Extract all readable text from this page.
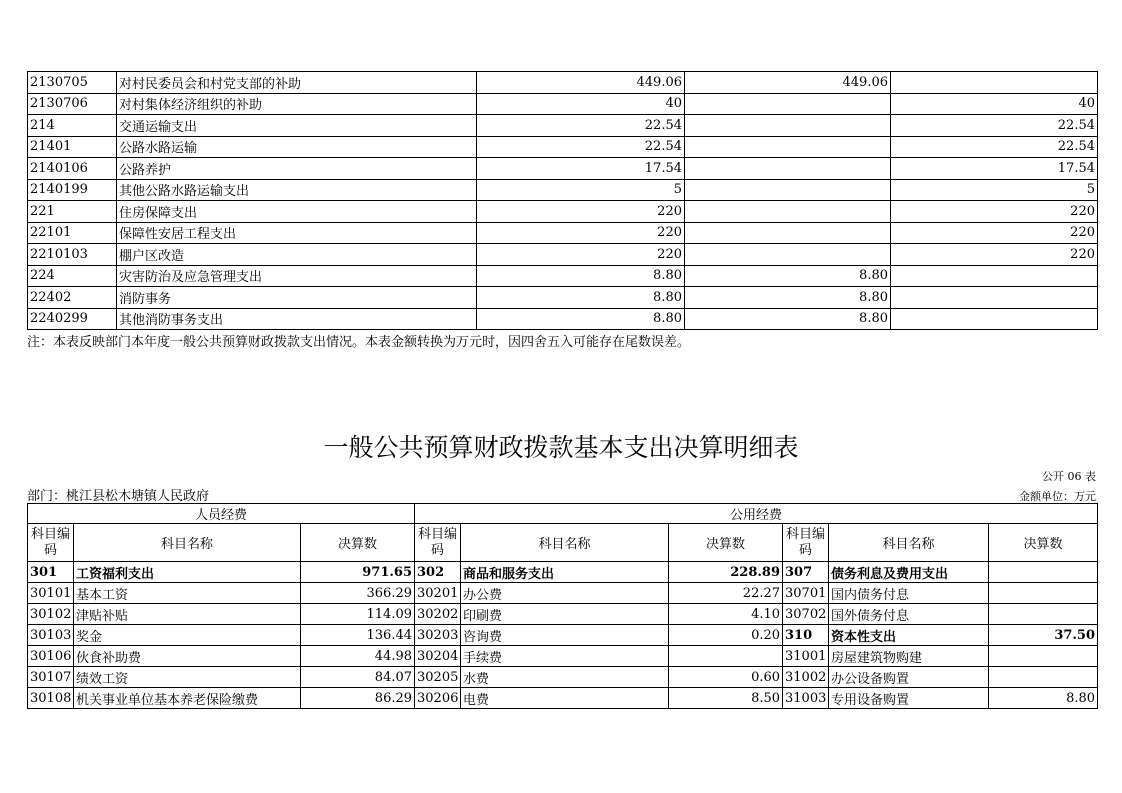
2130705	对村民委员会和村党支部的补助	449.06	449.06	
2130706	对村集体经济组织的补助	40		40
214	交通运输支出	22.54		22.54
21401	公路水路运输	22.54		22.54
2140106	公路养护	17.54		17.54
2140199	其他公路水路运输支出	5		5
221	住房保障支出	220		220
22101	保障性安居工程支出	220		220
2210103	棚户区改造	220		220
224	灾害防治及应急管理支出	8.80	8.80	
22402	消防事务	8.80	8.80	
2240299	其他消防事务支出	8.80	8.80	
注：本表反映部门本年度一般公共预算财政拨款支出情况。本表金额转换为万元时，因四舍五入可能存在尾数误差。
一般公共预算财政拨款基本支出决算明细表
公开 06 表
部门：桃江县松木塘镇人民政府	金额单位：万元
人员经费			公用经费					
科目编码	科目名称	决算数	科目编码	科目名称	决算数	科目编码	科目名称	决算数
301	工资福利支出	971.65	302	商品和服务支出	228.89	307	债务利息及费用支出	
30101	基本工资	366.29	30201	办公费	22.27	30701	国内债务付息	
30102	津贴补贴	114.09	30202	印刷费	4.10	30702	国外债务付息	
30103	奖金	136.44	30203	咨询费	0.20	310	资本性支出	37.50
30106	伙食补助费	44.98	30204	手续费		31001	房屋建筑物购建	
30107	绩效工资	84.07	30205	水费	0.60	31002	办公设备购置	
30108	机关事业单位基本养老保险缴费	86.29	30206	电费	8.50	31003	专用设备购置	8.80
